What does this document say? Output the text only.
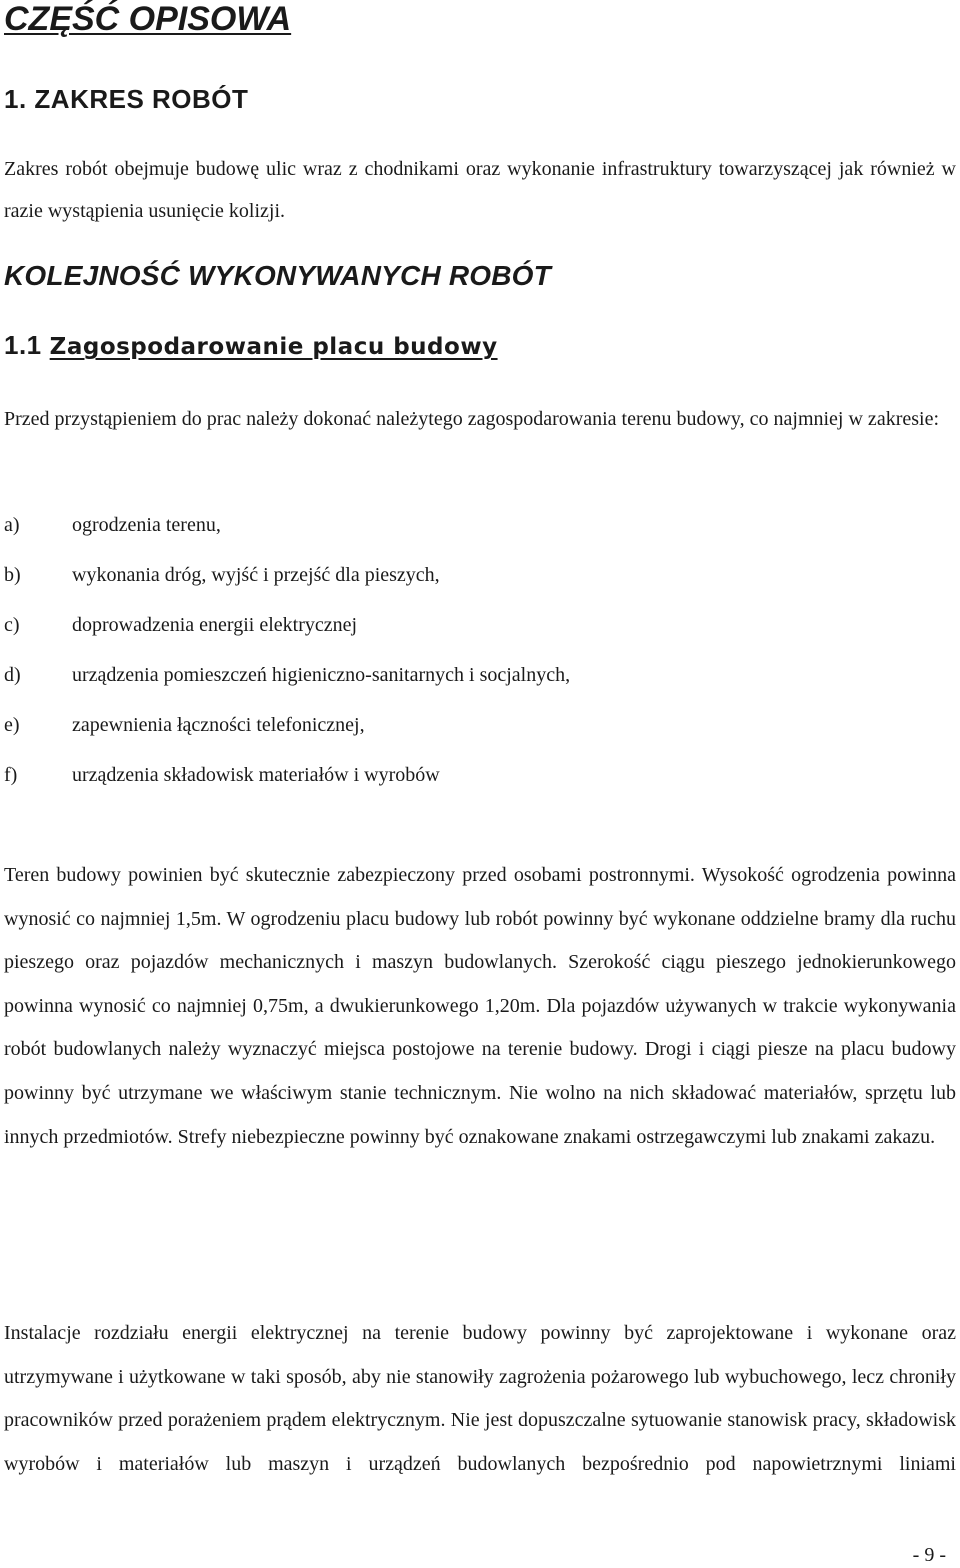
CZĘŚĆ OPISOWA
1. ZAKRES ROBÓT

Zakres robót obejmuje budowę ulic wraz z chodnikami oraz wykonanie infrastruktury towarzyszącej jak również w razie wystąpienia usunięcie kolizji.

KOLEJNOŚĆ WYKONYWANYCH ROBÓT
1.1 Zagospodarowanie placu budowy

Przed przystąpieniem do prac należy dokonać należytego zagospodarowania terenu budowy, co najmniej w zakresie:

a)	ogrodzenia terenu,
b)	wykonania dróg, wyjść i przejść dla pieszych,
c)	doprowadzenia energii elektrycznej
d)	urządzenia pomieszczeń higieniczno-sanitarnych i socjalnych,
e)	zapewnienia łączności telefonicznej,
f)	urządzenia składowisk materiałów i wyrobów

Teren budowy powinien być skutecznie zabezpieczony przed osobami postronnymi. Wysokość ogrodzenia powinna wynosić co najmniej 1,5m. W ogrodzeniu placu budowy lub robót powinny być wykonane oddzielne bramy dla ruchu pieszego oraz pojazdów mechanicznych i maszyn budowlanych. Szerokość ciągu pieszego jednokierunkowego powinna wynosić co najmniej 0,75m, a dwukierunkowego 1,20m. Dla pojazdów używanych w trakcie wykonywania robót budowlanych należy wyznaczyć miejsca postojowe na terenie budowy. Drogi i ciągi piesze na placu budowy powinny być utrzymane we właściwym stanie technicznym. Nie wolno na nich składować materiałów, sprzętu lub innych przedmiotów. Strefy niebezpieczne powinny być oznakowane znakami ostrzegawczymi lub znakami zakazu.

Instalacje rozdziału energii elektrycznej na terenie budowy powinny być zaprojektowane i wykonane oraz utrzymywane i użytkowane w taki sposób, aby nie stanowiły zagrożenia pożarowego lub wybuchowego, lecz chroniły pracowników przed porażeniem prądem elektrycznym. Nie jest dopuszczalne sytuowanie stanowisk pracy, składowisk wyrobów i materiałów lub maszyn i urządzeń budowlanych bezpośrednio pod napowietrznymi liniami

- 9 -
